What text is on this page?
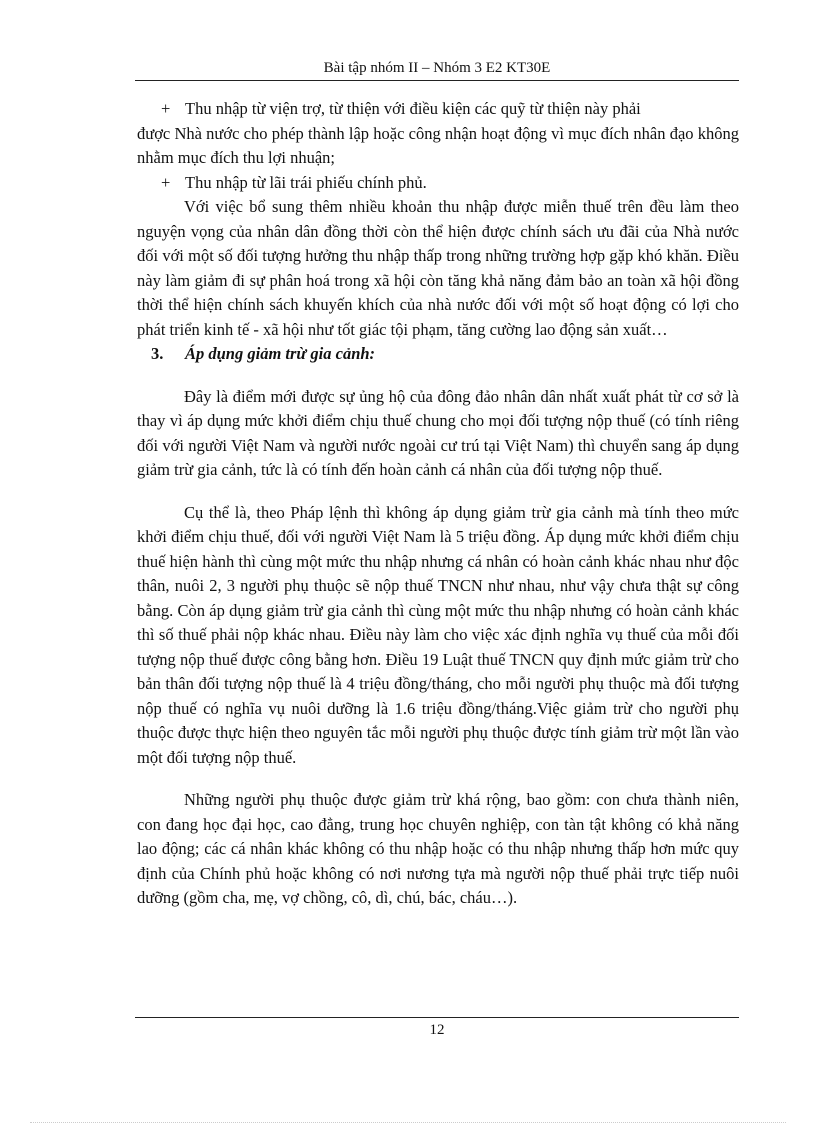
Bài tập nhóm II – Nhóm 3 E2 KT30E
+ Thu nhập từ viện trợ, từ thiện với điều kiện các quỹ từ thiện này phải

được Nhà nước cho phép thành lập hoặc công nhận hoạt động vì mục đích nhân đạo không nhằm mục đích thu lợi nhuận;

+ Thu nhập từ lãi trái phiếu chính phủ.

Với việc bổ sung thêm nhiều khoản thu nhập được miễn thuế trên đều làm theo nguyện vọng của nhân dân đồng thời còn thể hiện được chính sách ưu đãi của Nhà nước đối với một số đối tượng hưởng thu nhập thấp trong những trường hợp gặp khó khăn. Điều này làm giảm đi sự phân hoá trong xã hội còn tăng khả năng đảm bảo an toàn xã hội đồng thời thể hiện chính sách khuyến khích của nhà nước đối với một số hoạt động có lợi cho phát triển kinh tế - xã hội như tốt giác tội phạm, tăng cường lao động sản xuất…

3.	Áp dụng giảm trừ gia cảnh:

Đây là điểm mới được sự ủng hộ của đông đảo nhân dân nhất xuất phát từ cơ sở là thay vì áp dụng mức khởi điểm chịu thuế chung cho mọi đối tượng nộp thuế (có tính riêng đối với người Việt Nam và người nước ngoài cư trú tại Việt Nam) thì chuyển sang áp dụng giảm trừ gia cảnh, tức là có tính đến hoàn cảnh cá nhân của đối tượng nộp thuế.

Cụ thể là, theo Pháp lệnh thì không áp dụng giảm trừ gia cảnh mà tính theo mức khởi điểm chịu thuế, đối với người Việt Nam là 5 triệu đồng. Áp dụng mức khởi điểm chịu thuế hiện hành thì cùng một mức thu nhập nhưng cá nhân có hoàn cảnh khác nhau như độc thân, nuôi 2, 3 người phụ thuộc sẽ nộp thuế TNCN như nhau, như vậy chưa thật sự công bằng. Còn áp dụng giảm trừ gia cảnh thì cùng một mức thu nhập nhưng có hoàn cảnh khác thì số thuế phải nộp khác nhau. Điều này làm cho việc xác định nghĩa vụ thuế của mỗi đối tượng nộp thuế được công bằng hơn. Điều 19 Luật thuế TNCN quy định mức giảm trừ cho bản thân đối tượng nộp thuế là 4 triệu đồng/tháng, cho mỗi người phụ thuộc mà đối tượng nộp thuế có nghĩa vụ nuôi dưỡng là 1.6 triệu đồng/tháng.Việc giảm trừ cho người phụ thuộc được thực hiện theo nguyên tắc mỗi người phụ thuộc được tính giảm trừ một lần vào một đối tượng nộp thuế.

Những người phụ thuộc được giảm trừ khá rộng, bao gồm: con chưa thành niên, con đang học đại học, cao đẳng, trung học chuyên nghiệp, con tàn tật không có khả năng lao động; các cá nhân khác không có thu nhập hoặc có thu nhập nhưng thấp hơn mức quy định của Chính phủ hoặc không có nơi nương tựa mà người nộp thuế phải trực tiếp nuôi dưỡng (gồm cha, mẹ, vợ chồng, cô, dì, chú, bác, cháu…).

12
